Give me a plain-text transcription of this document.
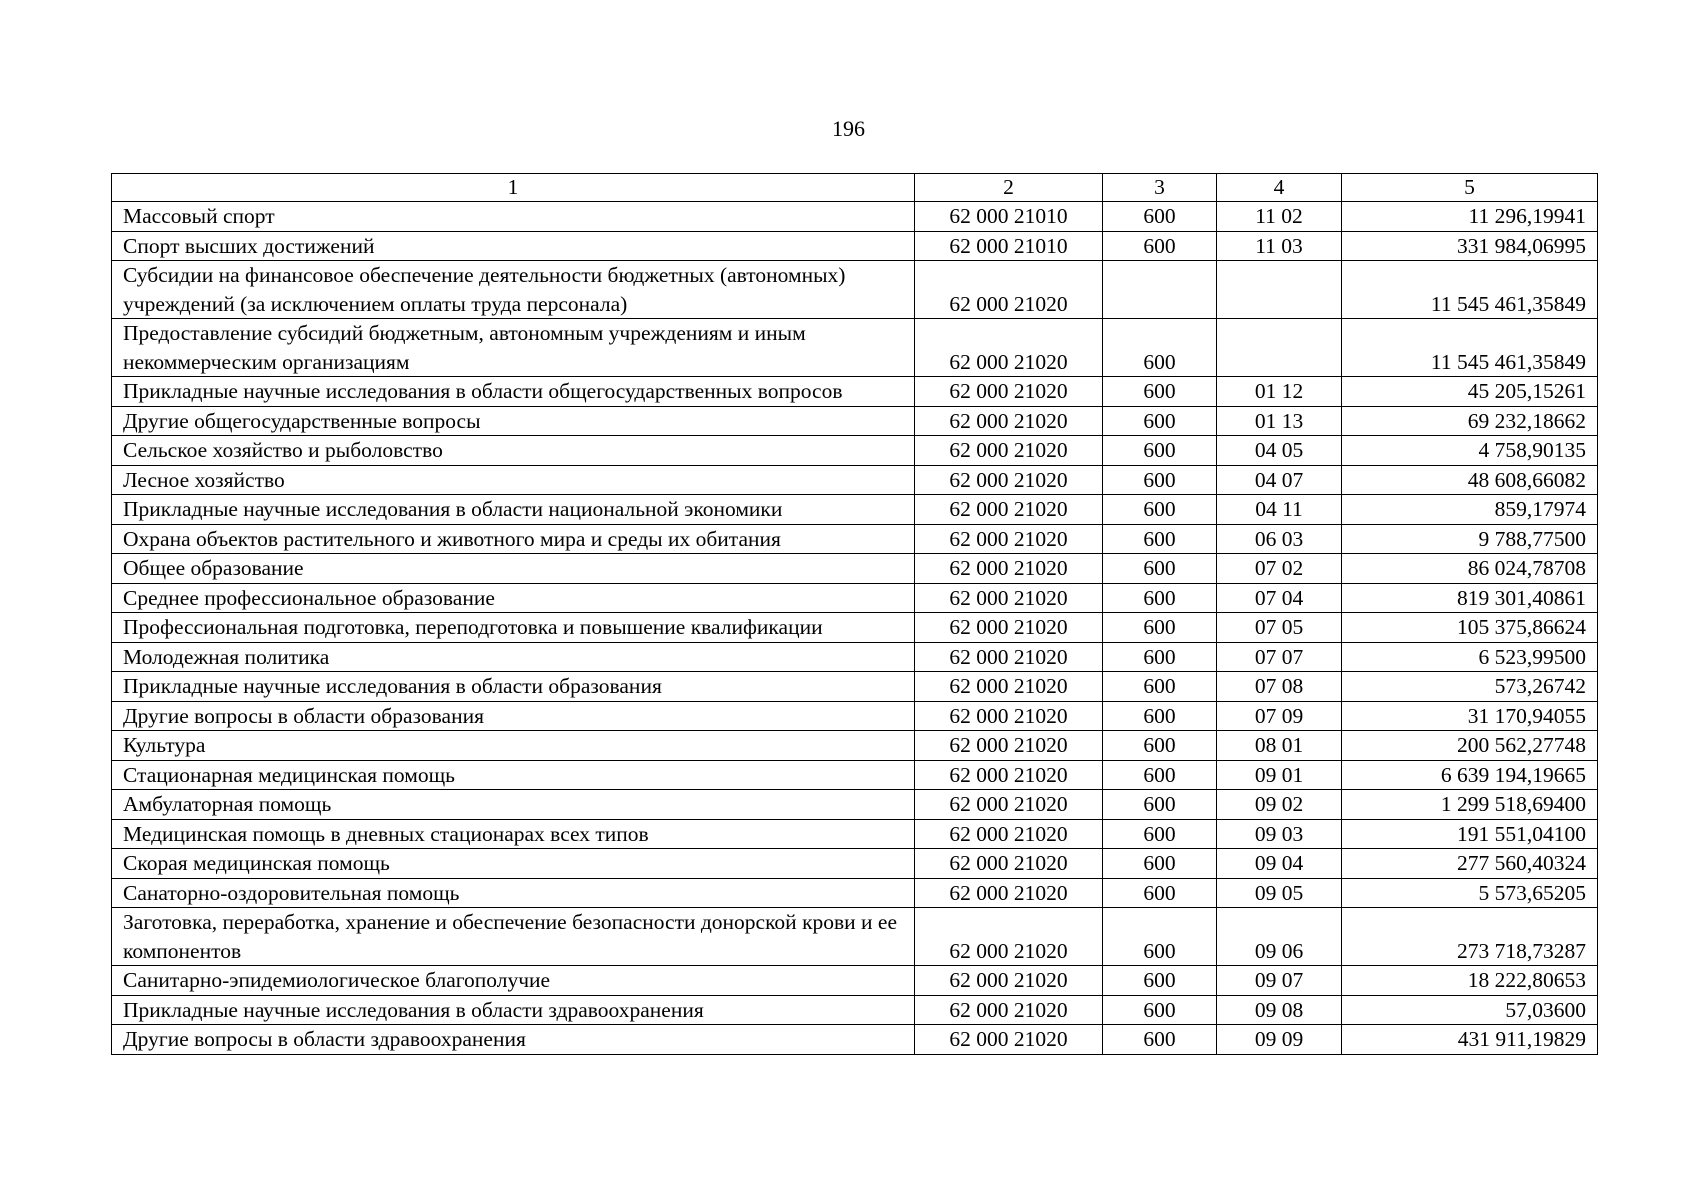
196
1	2	3	4	5
Массовый спорт	62 000 21010	600	11 02	11 296,19941
Спорт высших достижений	62 000 21010	600	11 03	331 984,06995
Субсидии на финансовое обеспечение деятельности бюджетных (автономных) учреждений (за исключением оплаты труда персонала)	62 000 21020			11 545 461,35849
Предоставление субсидий бюджетным, автономным учреждениям и иным некоммерческим организациям	62 000 21020	600		11 545 461,35849
Прикладные научные исследования в области общегосударственных вопросов	62 000 21020	600	01 12	45 205,15261
Другие общегосударственные вопросы	62 000 21020	600	01 13	69 232,18662
Сельское хозяйство и рыболовство	62 000 21020	600	04 05	4 758,90135
Лесное хозяйство	62 000 21020	600	04 07	48 608,66082
Прикладные научные исследования в области национальной экономики	62 000 21020	600	04 11	859,17974
Охрана объектов растительного и животного мира и среды их обитания	62 000 21020	600	06 03	9 788,77500
Общее образование	62 000 21020	600	07 02	86 024,78708
Среднее профессиональное образование	62 000 21020	600	07 04	819 301,40861
Профессиональная подготовка, переподготовка и повышение квалификации	62 000 21020	600	07 05	105 375,86624
Молодежная политика	62 000 21020	600	07 07	6 523,99500
Прикладные научные исследования в области образования	62 000 21020	600	07 08	573,26742
Другие вопросы в области образования	62 000 21020	600	07 09	31 170,94055
Культура	62 000 21020	600	08 01	200 562,27748
Стационарная медицинская помощь	62 000 21020	600	09 01	6 639 194,19665
Амбулаторная помощь	62 000 21020	600	09 02	1 299 518,69400
Медицинская помощь в дневных стационарах всех типов	62 000 21020	600	09 03	191 551,04100
Скорая медицинская помощь	62 000 21020	600	09 04	277 560,40324
Санаторно-оздоровительная помощь	62 000 21020	600	09 05	5 573,65205
Заготовка, переработка, хранение и обеспечение безопасности донорской крови и ее компонентов	62 000 21020	600	09 06	273 718,73287
Санитарно-эпидемиологическое благополучие	62 000 21020	600	09 07	18 222,80653
Прикладные научные исследования в области здравоохранения	62 000 21020	600	09 08	57,03600
Другие вопросы в области здравоохранения	62 000 21020	600	09 09	431 911,19829
